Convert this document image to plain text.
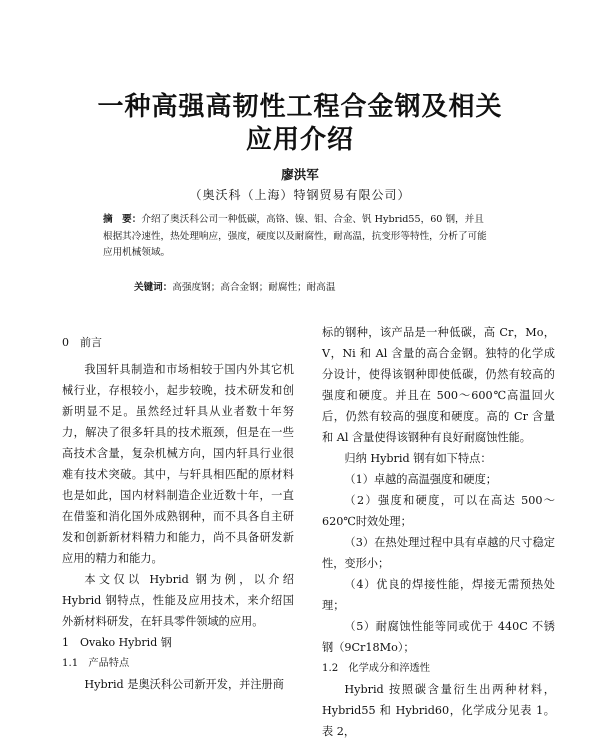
一种高强高韧性工程合金钢及相关
应用介绍
廖洪军
（奥沃科（上海）特钢贸易有限公司）
摘　要：介绍了奥沃科公司一种低碳，高铬、镍、钼、合金、钒 Hybrid55，60 钢，并且根据其冷速性，热处理响应，强度，硬度以及耐腐性，耐高温，抗变形等特性，分析了可能应用机械领域。
关键词：高强度钢；高合金钢；耐腐性；耐高温

0　前言

我国轩具制造和市场相较于国内外其它机械行业，存根较小，起步较晚，技术研发和创新明显不足。虽然经过轩具从业者数十年努力，解决了很多轩具的技术瓶颈，但是在一些高技术含量，复杂机械方向，国内轩具行业很难有技术突破。其中，与轩具相匹配的原材料也是如此，国内材料制造企业近数十年，一直在借鉴和消化国外成熟钢种，而不具各自主研发和创新新材料精力和能力，尚不具备研发新应用的精力和能力。

本文仅以 Hybrid 钢为例，以介绍 Hybrid 钢特点，性能及应用技术，来介绍国外新材料研发，在轩具零件领域的应用。

1　Ovako Hybrid 钢

1.1　产品特点

Hybrid 是奥沃科公司新开发，并注册商

标的钢种，该产品是一种低碳，高 Cr，Mo，V，Ni 和 Al 含量的高合金钢。独特的化学成分设计，使得该钢种即使低碳，仍然有较高的强度和硬度。并且在 500～600℃高温回火后，仍然有较高的强度和硬度。高的 Cr 含量和 Al 含量使得该钢种有良好耐腐蚀性能。

归纳 Hybrid 钢有如下特点：

（1）卓越的高温强度和硬度；

（2）强度和硬度，可以在高达 500～620℃时效处理；

（3）在热处理过程中具有卓越的尺寸稳定性，变形小；

（4）优良的焊接性能，焊接无需预热处理；

（5）耐腐蚀性能等同或优于 440C 不锈钢（9Cr18Mo）；

1.2　化学成分和淬透性

Hybrid 按照碳含量衍生出两种材料，Hybrid55 和 Hybrid60，化学成分见表 1。表 2，
